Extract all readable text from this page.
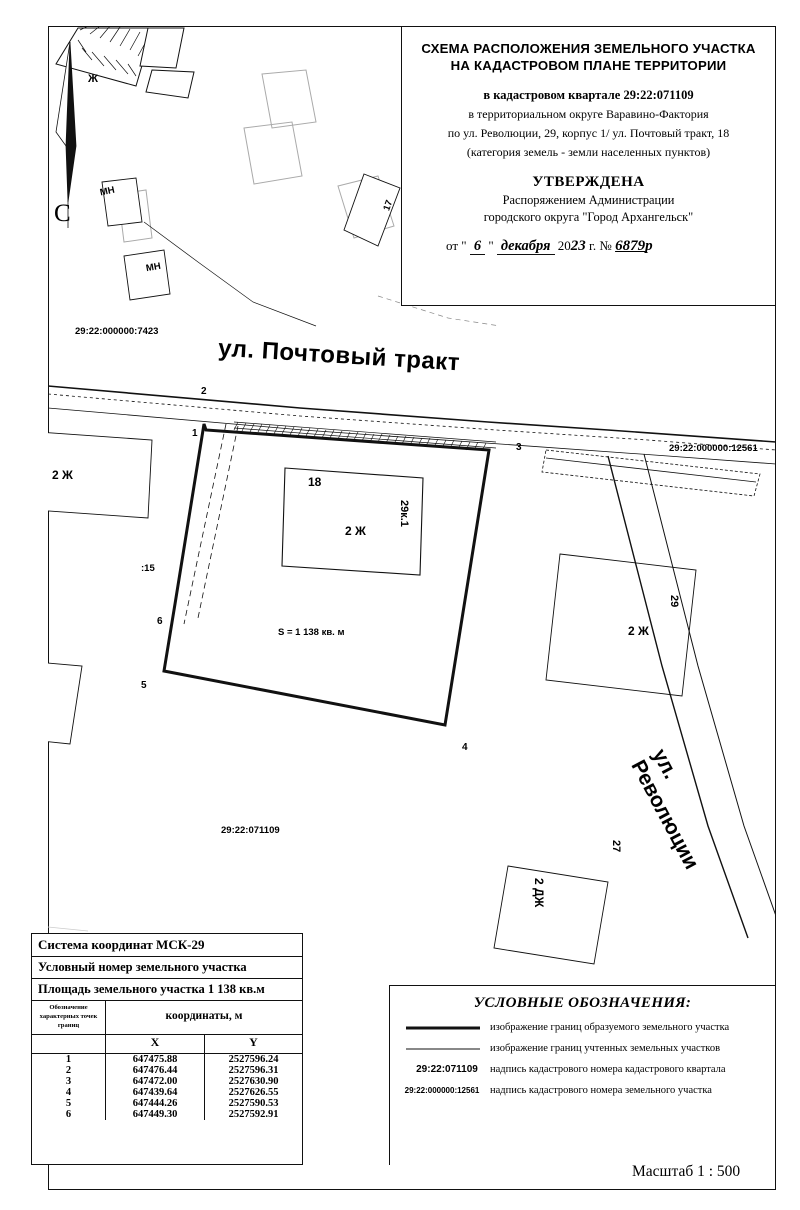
СХЕМА РАСПОЛОЖЕНИЯ ЗЕМЕЛЬНОГО УЧАСТКА
НА КАДАСТРОВОМ ПЛАНЕ ТЕРРИТОРИИ
в кадастровом квартале 29:22:071109
в территориальном округе Варавино-Фактория
по ул. Революции, 29, корпус 1/ ул. Почтовый тракт, 18
(категория земель - земли населенных пунктов)
УТВЕРЖДЕНА
Распоряжением Администрации
городского округа "Город Архангельск"
от " 6 " декабря 2023 г. № 6879р
С
Ж
МН
МН
17
29:22:000000:7423
ул. Почтовый тракт
2
1
3
6
5
4
29:22:000000:12561
2 Ж	18
2 Ж
29к.1
:15
S = 1 138 кв. м
29
2 Ж
29:22:071109
ул. Революции
27
2 ДЖ
Система координат МСК-29
Условный номер земельного участка
Площадь земельного участка 1 138 кв.м
Обозначение характерных точек границ
координаты, м

X	Y
1	647475.88	2527596.24
2	647476.44	2527596.31
3	647472.00	2527630.90
4	647439.64	2527626.55
5	647444.26	2527590.53
6	647449.30	2527592.91
УСЛОВНЫЕ ОБОЗНАЧЕНИЯ:
изображение границ образуемого земельного участка
изображение границ учтенных земельных участков
29:22:071109	надпись кадастрового номера кадастрового квартала
29:22:000000:12561	надпись кадастрового номера земельного участка
Масштаб 1 : 500
